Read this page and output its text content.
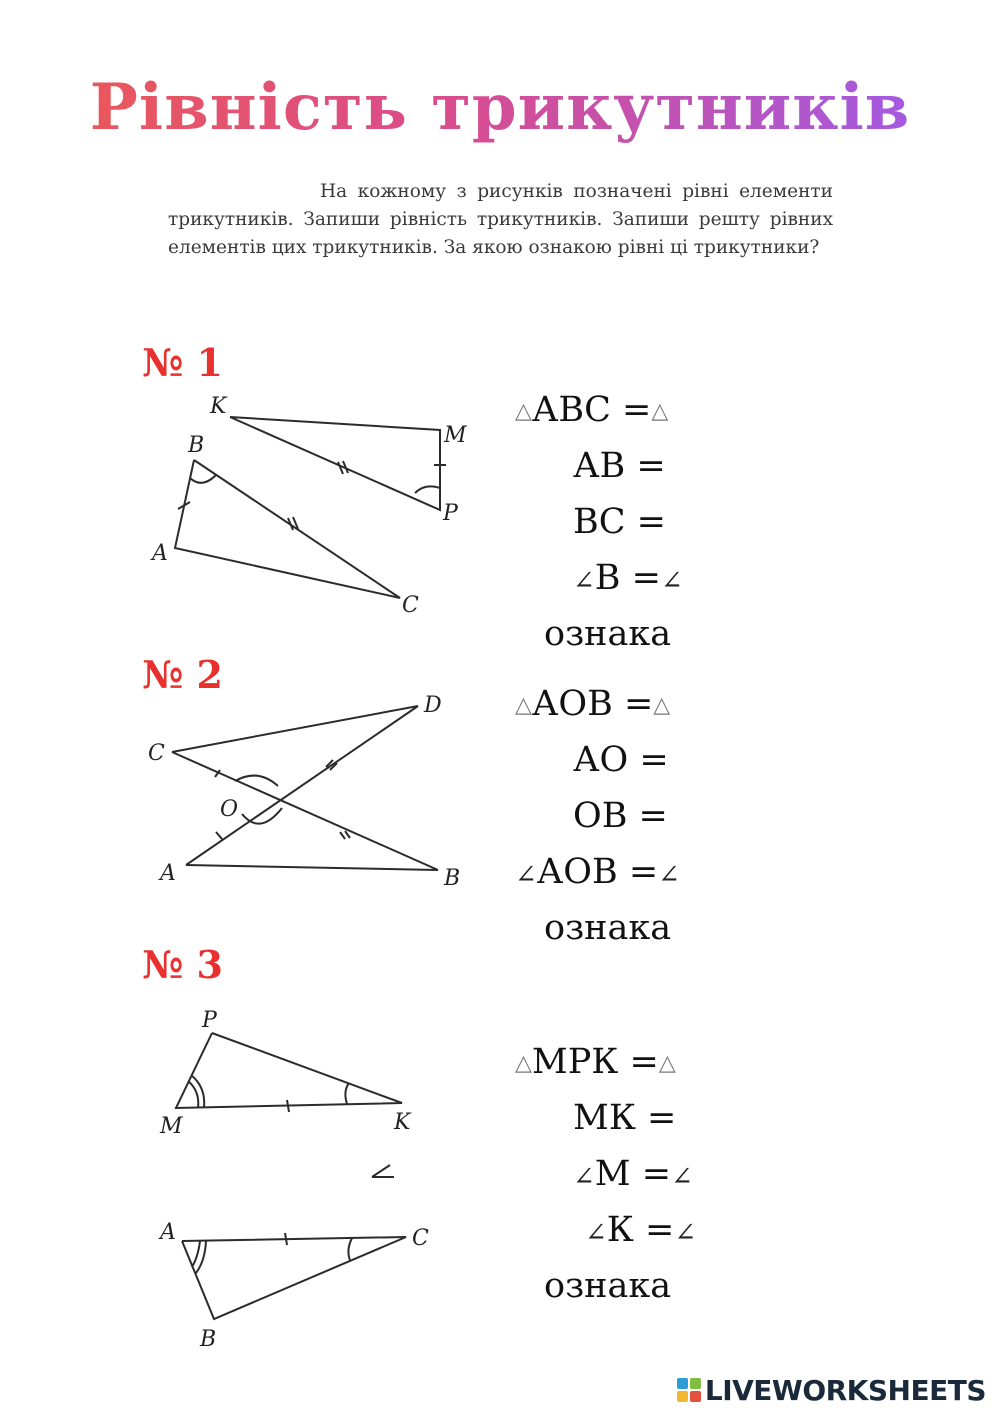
Рівність трикутників
На кожному з рисунків позначені рівні елементи трикутників. Запиши рівність трикутників. Запиши решту рівних елементів цих трикутників. За якою ознакою рівні ці трикутники?
№ 1
K
M
B
P
A
C
△АВС =△
АВ =
ВС =
∠В =∠
ознака
№ 2
D
C
O
A	B
△АОВ =△
АО =
ОВ =
∠АОВ =∠
ознака
№ 3
P
M	K
A	C
B
△МРК =△
МК =
∠М =∠
∠К =∠
ознака
LIVEWORKSHEETS
